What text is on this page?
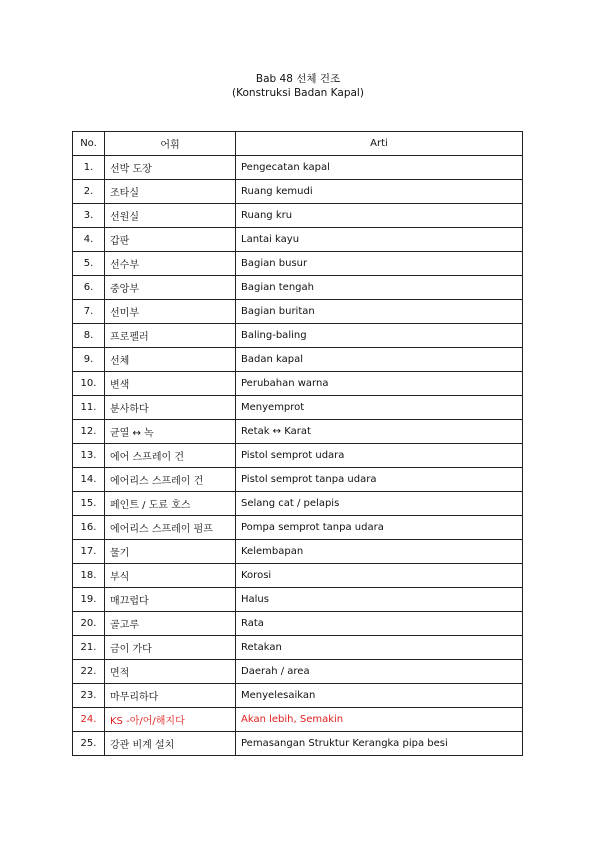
Bab 48 선체 건조
(Konstruksi Badan Kapal)
No.	어휘	Arti
1.	선박 도장	Pengecatan kapal
2.	조타실	Ruang kemudi
3.	선원실	Ruang kru
4.	갑판	Lantai kayu
5.	선수부	Bagian busur
6.	중앙부	Bagian tengah
7.	선미부	Bagian buritan
8.	프로펠러	Baling-baling
9.	선체	Badan kapal
10.	변색	Perubahan warna
11.	분사하다	Menyemprot
12.	균열 ↔ 녹	Retak ↔ Karat
13.	에어 스프레이 건	Pistol semprot udara
14.	에어리스 스프레이 건	Pistol semprot tanpa udara
15.	페인트 / 도료 호스	Selang cat / pelapis
16.	에어리스 스프레이 펌프	Pompa semprot tanpa udara
17.	물기	Kelembapan
18.	부식	Korosi
19.	매끄럽다	Halus
20.	골고루	Rata
21.	금이 가다	Retakan
22.	면적	Daerah / area
23.	마무리하다	Menyelesaikan
24.	KS -아/어/해지다	Akan lebih, Semakin
25.	강관 비계 설치	Pemasangan Struktur Kerangka pipa besi
